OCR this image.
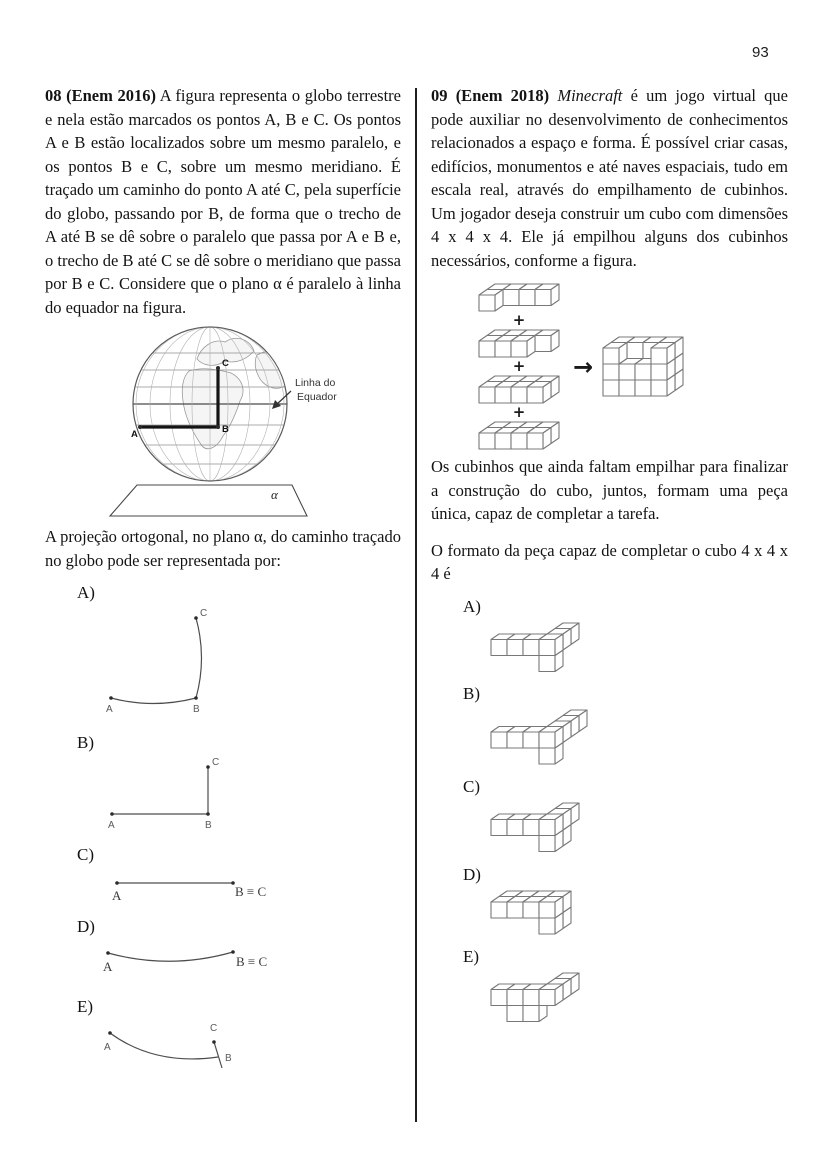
93

08 (Enem 2016) A figura representa o globo terrestre e nela estão marcados os pontos A, B e C. Os pontos A e B estão localizados sobre um mesmo paralelo, e os pontos B e C, sobre um mesmo meridiano. É traçado um caminho do ponto A até C, pela superfície do globo, passando por B, de forma que o trecho de A até B se dê sobre o paralelo que passa por A e B e, o trecho de B até C se dê sobre o meridiano que passa por B e C. Considere que o plano α é paralelo à linha do equador na figura.

A	B
C
Linha do
Equador
α

A projeção ortogonal, no plano α, do caminho traçado no globo pode ser representada por:

A)
C
A	B
B)
A	B
C
C)
A	B ≡ C
D)
A	B ≡ C
E)
A
C
B

09 (Enem 2018) Minecraft é um jogo virtual que pode auxiliar no desenvolvimento de conhecimentos relacionados a espaço e forma. É possível criar casas, edifícios, monumentos e até naves espaciais, tudo em escala real, através do empilhamento de cubinhos. Um jogador deseja construir um cubo com dimensões 4 x 4 x 4. Ele já empilhou alguns dos cubinhos necessários, conforme a figura.

+
+
+
→

Os cubinhos que ainda faltam empilhar para finalizar a construção do cubo, juntos, formam uma peça única, capaz de completar a tarefa.

O formato da peça capaz de completar o cubo 4 x 4 x 4 é

A)
B)
C)
D)
E)
